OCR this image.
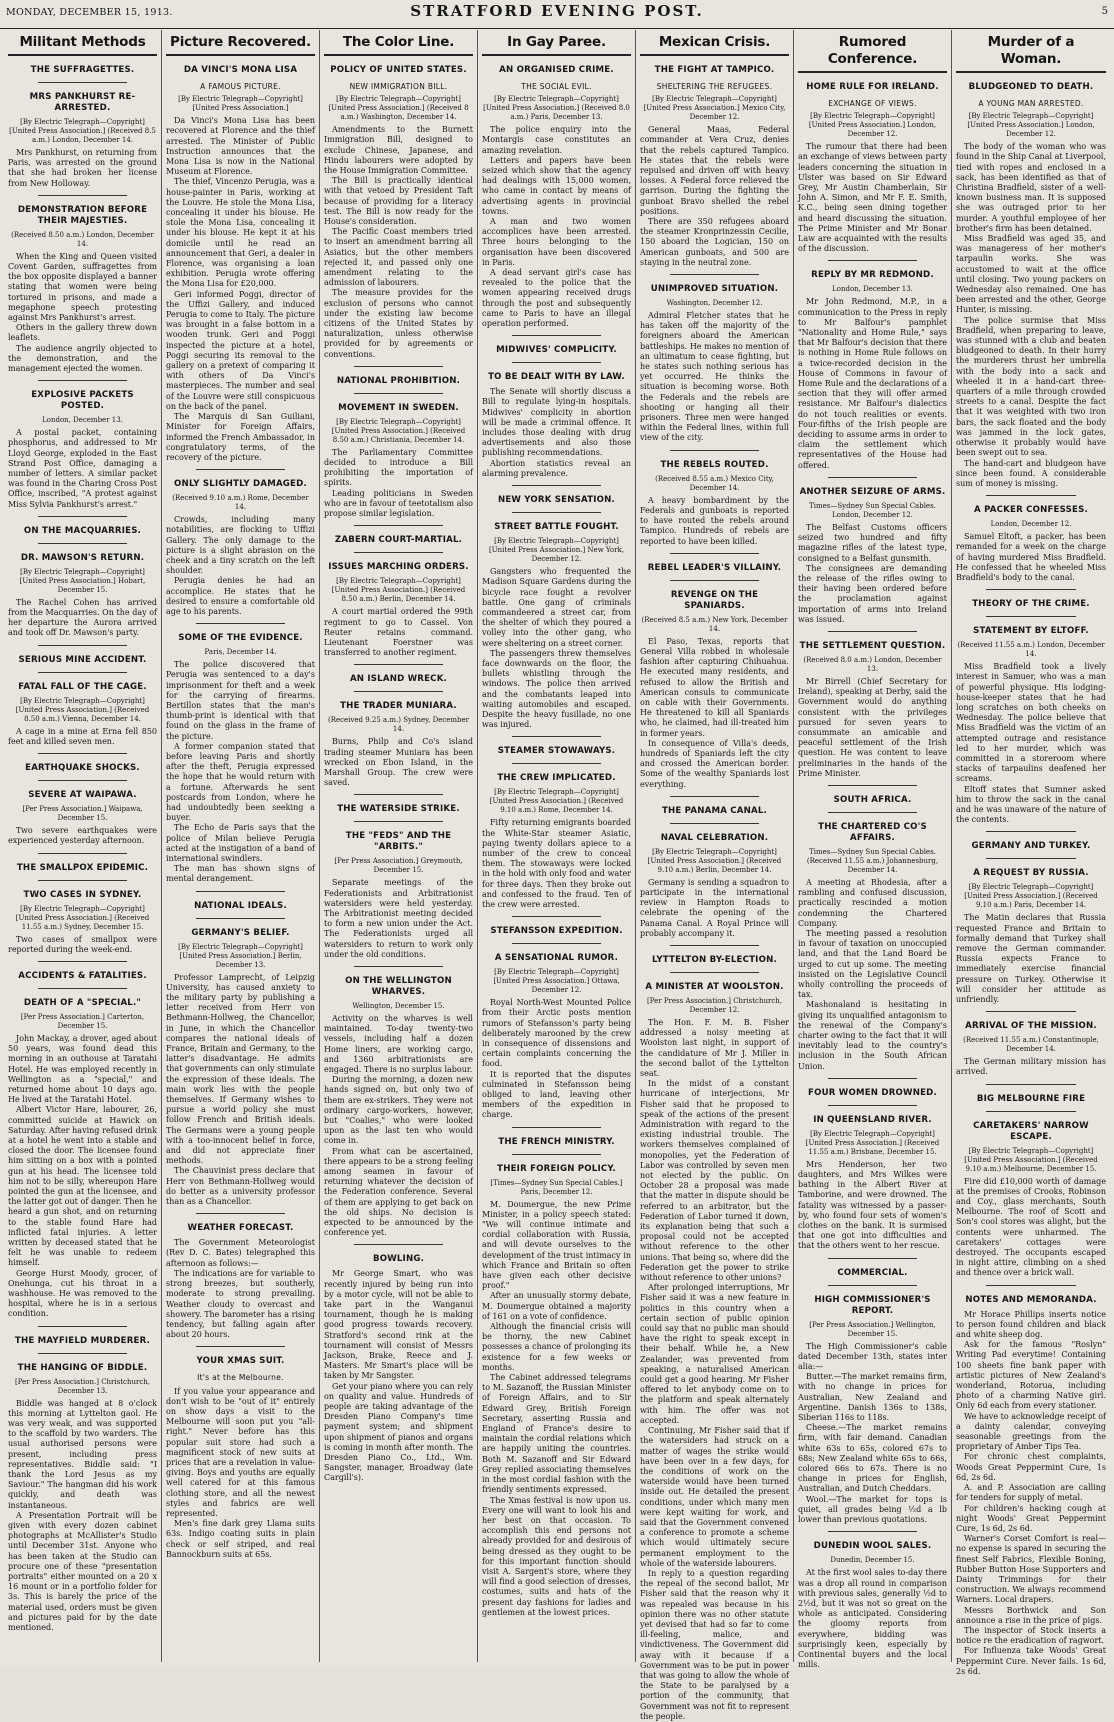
MONDAY, DECEMBER 15, 1913.	STRATFORD EVENING POST.	5
Militant Methods
THE SUFFRAGETTES.
MRS PANKHURST RE-ARRESTED.
[By Electric Telegraph—Copyright] [United Press Association.] (Received 8.5 a.m.) London, December 14.

Mrs Pankhurst, on returning from Paris, was arrested on the ground that she had broken her license from New Holloway.

DEMONSTRATION BEFORE THEIR MAJESTIES.
(Received 8.50 a.m.) London, December 14.

When the King and Queen visited Covent Garden, suffragettes from the box opposite displayed a banner stating that women were being tortured in prisons, and made a megaphone speech protesting against Mrs Pankhurst's arrest.

Others in the gallery threw down leaflets.

The audience angrily objected to the demonstration, and the management ejected the women.

EXPLOSIVE PACKETS POSTED.
London, December 13.

A postal packet, containing phosphorus, and addressed to Mr Lloyd George, exploded in the East Strand Post Office, damaging a number of letters. A similar packet was found in the Charing Cross Post Office, inscribed, "A protest against Miss Sylvia Pankhurst's arrest."

ON THE MACQUARRIES.
DR. MAWSON'S RETURN.
[By Electric Telegraph—Copyright] [United Press Association.] Hobart, December 15.

The Rachel Cohen has arrived from the Macquarries. On the day of her departure the Aurora arrived and took off Dr. Mawson's party.

SERIOUS MINE ACCIDENT.
FATAL FALL OF THE CAGE.
[By Electric Telegraph—Copyright] [United Press Association.] (Received 8.50 a.m.) Vienna, December 14.

A cage in a mine at Erna fell 850 feet and killed seven men.

EARTHQUAKE SHOCKS.
SEVERE AT WAIPAWA.
[Per Press Association.] Waipawa, December 15.

Two severe earthquakes were experienced yesterday afternoon.

THE SMALLPOX EPIDEMIC.
TWO CASES IN SYDNEY.
[By Electric Telegraph—Copyright] [United Press Association.] (Received 11.55 a.m.) Sydney, December 15.

Two cases of smallpox were reported during the week-end.

ACCIDENTS & FATALITIES.
DEATH OF A "SPECIAL."
[Per Press Association.] Carterton, December 15.

John Mackay, a drover, aged about 50 years, was found dead this morning in an outhouse at Taratahi Hotel. He was employed recently in Wellington as a "special," and returned home about 10 days ago. He lived at the Taratahi Hotel.

Albert Victor Hare, labourer, 26, committed suicide at Hawick on Saturday. After having refused drink at a hotel he went into a stable and closed the door. The licensee found him sitting on a box with a pointed gun at his head. The licensee told him not to be silly, whereupon Hare pointed the gun at the licensee, and the latter got out of danger. Then he heard a gun shot, and on returning to the stable found Hare had inflicted fatal injuries. A letter written by deceased stated that he felt he was unable to redeem himself.

George Hurst Moody, grocer, of Onehunga, cut his throat in a washhouse. He was removed to the hospital, where he is in a serious condition.

THE MAYFIELD MURDERER.
THE HANGING OF BIDDLE.
[Per Press Association.] Christchurch, December 13.

Biddle was hanged at 8 o'clock this morning at Lyttelton gaol. He was very weak, and was supported to the scaffold by two warders. The usual authorised persons were present, including press representatives. Biddle said: "I thank the Lord Jesus as my Saviour." The hangman did his work quickly, and death was instantaneous.

A Presentation Portrait will be given with every dozen cabinet photographs at McAllister's Studio until December 31st. Anyone who has been taken at the Studio can procure one of these "presentation portraits" either mounted on a 20 x 16 mount or in a portfolio folder for 3s. This is barely the price of the material used, orders must be given and pictures paid for by the date mentioned.

Picture Recovered.
DA VINCI'S MONA LISA
A FAMOUS PICTURE.
[By Electric Telegraph—Copyright] [United Press Association.]

Da Vinci's Mona Lisa has been recovered at Florence and the thief arrested. The Minister of Public Instruction announces that the Mona Lisa is now in the National Museum at Florence.

The thief, Vincenzo Perugia, was a house-painter in Paris, working at the Louvre. He stole the Mona Lisa, concealing it under his blouse. He stole the Mona Lisa, concealing it under his blouse. He kept it at his domicile until he read an announcement that Geri, a dealer in Florence, was organising a loan exhibition. Perugia wrote offering the Mona Lisa for £20,000.

Geri informed Poggi, director of the Uffizi Gallery, and induced Perugia to come to Italy. The picture was brought in a false bottom in a wooden trunk. Geri and Poggi inspected the picture at a hotel, Poggi securing its removal to the gallery on a pretext of comparing it with others of Da Vinci's masterpieces. The number and seal of the Louvre were still conspicuous on the back of the panel.

The Marquis di San Guiliani, Minister for Foreign Affairs, informed the French Ambassador, in congratulatory terms, of the recovery of the picture.

ONLY SLIGHTLY DAMAGED.
(Received 9.10 a.m.) Rome, December 14.

Crowds, including many notabilities, are flocking to Uffizi Gallery. The only damage to the picture is a slight abrasion on the cheek and a tiny scratch on the left shoulder.

Perugia denies he had an accomplice. He states that he desired to ensure a comfortable old age to his parents.

SOME OF THE EVIDENCE.
Paris, December 14.

The police discovered that Perugia was sentenced to a day's imprisonment for theft and a week for the carrying of firearms. Bertillon states that the man's thumb-print is identical with that found on the glass in the frame of the picture.

A former companion stated that before leaving Paris and shortly after the theft, Perugia expressed the hope that he would return with a fortune. Afterwards he sent postcards from London, where he had undoubtedly been seeking a buyer.

The Echo de Paris says that the police of Milan believe Perugia acted at the instigation of a band of international swindlers.

The man has shown signs of mental derangement.

NATIONAL IDEALS.
GERMANY'S BELIEF.
[By Electric Telegraph—Copyright] [United Press Association.] Berlin, December 13.

Professor Lamprecht, of Leipzig University, has caused anxiety to the military party by publishing a letter received from Herr von Bethmann-Hollweg, the Chancellor, in June, in which the Chancellor compares the national ideals of France, Britain and Germany, to the latter's disadvantage. He admits that governments can only stimulate the expression of these ideals. The main work lies with the people themselves. If Germany wishes to pursue a world policy she must follow French and British ideals. The Germans were a young people with a too-innocent belief in force, and did not appreciate finer methods.

The Chauvinist press declare that Herr von Bethmann-Hollweg would do better as a university professor than as a Chancellor.

WEATHER FORECAST.

The Government Meteorologist (Rev D. C. Bates) telegraphed this afternoon as follows:—

The indications are for variable to strong breezes, but southerly, moderate to strong prevailing. Weather cloudy to overcast and showery. The barometer has a rising tendency, but falling again after about 20 hours.

YOUR XMAS SUIT.
It's at the Melbourne.

If you value your appearance and don't wish to be "out of it" entirely on show days a visit to the Melbourne will soon put you "all-right." Never before has this popular suit store had such a magnificent stock of new suits at prices that are a revelation in value-giving. Boys and youths are equally well catered for at this famous clothing store, and all the newest styles and fabrics are well represented.

Men's fine dark grey Llama suits 63s. Indigo coating suits in plain check or self striped, and real Bannockburn suits at 65s.

The Color Line.
POLICY OF UNITED STATES.
NEW IMMIGRATION BILL.
[By Electric Telegraph—Copyright] [United Press Association.] (Received 8 a.m.) Washington, December 14.

Amendments to the Burnett Immigration Bill, designed to exclude Chinese, Japanese, and Hindu labourers were adopted by the House Immigration Committee.

The Bill is practically identical with that vetoed by President Taft because of providing for a literacy test. The Bill is now ready for the House's consideration.

The Pacific Coast members tried to insert an amendment barring all Asiatics, but the other members rejected it, and passed only one amendment relating to the admission of labourers.

The measure provides for the exclusion of persons who cannot under the existing law become citizens of the United States by naturalization, unless otherwise provided for by agreements or conventions.

NATIONAL PROHIBITION.
MOVEMENT IN SWEDEN.
[By Electric Telegraph—Copyright] [United Press Association.] (Received 8.50 a.m.) Christiania, December 14.

The Parliamentary Committee decided to introduce a Bill prohibiting the importation of spirits.

Leading politicians in Sweden who are in favour of teetotalism also propose similar legislation.

ZABERN COURT-MARTIAL.
ISSUES MARCHING ORDERS.
[By Electric Telegraph—Copyright] [United Press Association.] (Received 8.50 a.m.) Berlin, December 14.

A court martial ordered the 99th regiment to go to Cassel. Von Reuter retains command. Lieutenant Foerstner was transferred to another regiment.

AN ISLAND WRECK.
THE TRADER MUNIARA.
(Received 9.25 a.m.) Sydney, December 14.

Burns, Philp and Co's island trading steamer Muniara has been wrecked on Ebon Island, in the Marshall Group. The crew were saved.

THE WATERSIDE STRIKE.
THE "FEDS" AND THE "ARBITS."
[Per Press Association.] Greymouth, December 15.

Separate meetings of the Federationists and Arbitrationist watersiders were held yesterday. The Arbitrationist meeting decided to form a new union under the Act. The Federationists urged all watersiders to return to work only under the old conditions.

ON THE WELLINGTON WHARVES.
Wellington, December 15.

Activity on the wharves is well maintained. To-day twenty-two vessels, including half a dozen Home liners, are working cargo, and 1360 arbitrationists are engaged. There is no surplus labour.

During the morning, a dozen new hands signed on, but only two of them are ex-strikers. They were not ordinary cargo-workers, however, but "Coalies," who were looked upon as the last ten who would come in.

From what can be ascertained, there appears to be a strong feeling among seamen in favour of returning whatever the decision of the Federation conference. Several of them are applying to get back on the old ships. No decision is expected to be announced by the conference yet.

BOWLING.

Mr George Smart, who was recently injured by being run into by a motor cycle, will not be able to take part in the Wanganui tournament, though he is making good progress towards recovery. Stratford's second rink at the tournament will consist of Messrs Jackson, Brake, Reece and J. Masters. Mr Smart's place will be taken by Mr Sangster.

Get your piano where you can rely on quality and value. Hundreds of people are taking advantage of the Dresden Piano Company's time payment system; and shipment upon shipment of pianos and organs is coming in month after month. The Dresden Piano Co., Ltd., Wm. Sangster, manager, Broadway (late Cargill's).

In Gay Paree.
AN ORGANISED CRIME.
THE SOCIAL EVIL.
[By Electric Telegraph—Copyright] [United Press Association.] (Received 8.0 a.m.) Paris, December 13.

The police enquiry into the Montargis case constitutes an amazing revelation.

Letters and papers have been seized which show that the agency had dealings with 15,000 women, who came in contact by means of advertising agents in provincial towns.

A man and two women accomplices have been arrested. Three hours belonging to the organisation have been discovered in Paris.

A dead servant girl's case has revealed to the police that the women appearing received drugs through the post and subsequently came to Paris to have an illegal operation performed.

MIDWIVES' COMPLICITY.
TO BE DEALT WITH BY LAW.

The Senate will shortly discuss a Bill to regulate lying-in hospitals. Midwives' complicity in abortion will be made a criminal offence. It includes those dealing with drug advertisements and also those publishing recommendations.

Abortion statistics reveal an alarming prevalence.

NEW YORK SENSATION.
STREET BATTLE FOUGHT.
[By Electric Telegraph—Copyright] [United Press Association.] New York, December 12.

Gangsters who frequented the Madison Square Gardens during the bicycle race fought a revolver battle. One gang of criminals commandeered a street car, from the shelter of which they poured a volley into the other gang, who were sheltering on a street corner.

The passengers threw themselves face downwards on the floor, the bullets whistling through the windows. The police then arrived and the combatants leaped into waiting automobiles and escaped. Despite the heavy fusillade, no one was injured.

STEAMER STOWAWAYS.
THE CREW IMPLICATED.
[By Electric Telegraph—Copyright] [United Press Association.] (Received 9.10 a.m.) Rome, December 14.

Fifty returning emigrants boarded the White-Star steamer Asiatic, paying twenty dollars apiece to a number of the crew to conceal them. The stowaways were locked in the hold with only food and water for three days. Then they broke out and confessed to the fraud. Ten of the crew were arrested.

STEFANSSON EXPEDITION.
A SENSATIONAL RUMOR.
[By Electric Telegraph—Copyright] [United Press Association.] Ottawa, December 12.

Royal North-West Mounted Police from their Arctic posts mention rumors of Stefansson's party being deliberately marooned by the crew in consequence of dissensions and certain complaints concerning the food.

It is reported that the disputes culminated in Stefansson being obliged to land, leaving other members of the expedition in charge.

THE FRENCH MINISTRY.
THEIR FOREIGN POLICY.
[Times—Sydney Sun Special Cables.] Paris, December 12.

M. Doumergue, the new Prime Minister, in a policy speech stated: "We will continue intimate and cordial collaboration with Russia, and will devote ourselves to the development of the trust intimacy in which France and Britain so often have given each other decisive proof."

After an unusually stormy debate, M. Doumergue obtained a majority of 161 on a vote of confidence.

Although the financial crisis will be thorny, the new Cabinet possesses a chance of prolonging its existence for a few weeks or months.

The Cabinet addressed telegrams to M. Sazanoff, the Russian Minister of Foreign Affairs, and to Sir Edward Grey, British Foreign Secretary, asserting Russia and England of France's desire to maintain the cordial relations which are happily uniting the countries. Both M. Sazanoff and Sir Edward Grey replied associating themselves in the most cordial fashion with the friendly sentiments expressed.

The Xmas festival is now upon us. Every one will want to look his and her best on that occasion. To accomplish this end persons not already provided for and desirous of being dressed as they ought to be for this important function should visit A. Sargent's store, where they will find a good selection of dresses, costumes, suits and hats of the present day fashions for ladies and gentlemen at the lowest prices.

Mexican Crisis.
THE FIGHT AT TAMPICO.
SHELTERING THE REFUGEES.
[By Electric Telegraph—Copyright] [United Press Association.] Mexico City, December 12.

General Maas, Federal commander at Vera Cruz, denies that the rebels captured Tampico. He states that the rebels were repulsed and driven off with heavy losses. A Federal force relieved the garrison. During the fighting the gunboat Bravo shelled the rebel positions.

There are 350 refugees aboard the steamer Kronprinzessin Cecilie, 150 aboard the Logician, 150 on American gunboats, and 500 are staying in the neutral zone.

UNIMPROVED SITUATION.
Washington, December 12.

Admiral Fletcher states that he has taken off the majority of the foreigners aboard the American battleships. He makes no mention of an ultimatum to cease fighting, but he states such nothing serious has yet occurred. He thinks the situation is becoming worse. Both the Federals and the rebels are shooting or hanging all their prisoners. Three men were hanged within the Federal lines, within full view of the city.

THE REBELS ROUTED.
(Received 8.55 a.m.) Mexico City, December 14.

A heavy bombardment by the Federals and gunboats is reported to have routed the rebels around Tampico. Hundreds of rebels are reported to have been killed.

REBEL LEADER'S VILLAINY.
REVENGE ON THE SPANIARDS.
(Received 8.5 a.m.) New York, December 14.

El Paso, Texas, reports that General Villa robbed in wholesale fashion after capturing Chihuahua. He executed many residents, and refused to allow the British and American consuls to communicate on cable with their Governments. He threatened to kill all Spaniards who, he claimed, had ill-treated him in former years.

In consequence of Villa's deeds, hundreds of Spaniards left the city and crossed the American border. Some of the wealthy Spaniards lost everything.

THE PANAMA CANAL.
NAVAL CELEBRATION.
[By Electric Telegraph—Copyright] [United Press Association.] (Received 9.10 a.m.) Berlin, December 14.

Germany is sending a squadron to participate in the international review in Hampton Roads to celebrate the opening of the Panama Canal. A Royal Prince will probably accompany it.

LYTTELTON BY-ELECTION.
A MINISTER AT WOOLSTON.
[Per Press Association.] Christchurch, December 12.

The Hon. F. M. B. Fisher addressed a noisy meeting at Woolston last night, in support of the candidature of Mr J. Miller in the second ballot of the Lyttelton seat.

In the midst of a constant hurricane of interjections, Mr Fisher said that he proposed to speak of the actions of the present Administration with regard to the existing industrial trouble. The workers themselves complained of monopolies, yet the Federation of Labor was controlled by seven men not elected by the public. On October 28 a proposal was made that the matter in dispute should be referred to an arbitrator, but the Federation of Labor turned it down, its explanation being that such a proposal could not be accepted without reference to the other unions. That being so, where did the Federation get the power to strike without reference to other unions?

After prolonged interruptions, Mr Fisher said it was a new feature in politics in this country when a certain section of public opinion could say that no public man should have the right to speak except in their behalf. While he, a New Zealander, was prevented from speaking, a naturalised American could get a good hearing. Mr Fisher offered to let anybody come on to the platform and speak alternately with him. The offer was not accepted.

Continuing, Mr Fisher said that if the watersiders had struck on a matter of wages the strike would have been over in a few days, for the conditions of work on the waterside would have been turned inside out. He detailed the present conditions, under which many men were kept waiting for work, and said that the Government convened a conference to promote a scheme which would ultimately secure permanent employment to the whole of the waterside labourers.

In reply to a question regarding the repeal of the second ballot, Mr Fisher said that the reason why it was repealed was because in his opinion there was no other statute yet devised that had so far to come ill-feeling, malice, and vindictiveness. The Government did away with it because if a Government was to be put in power that was going to allow the whole of the State to be paralysed by a portion of the community, that Government was not fit to represent the people.

Rumored Conference.
HOME RULE FOR IRELAND.
EXCHANGE OF VIEWS.
[By Electric Telegraph—Copyright] [United Press Association.] London, December 12.

The rumour that there had been an exchange of views between party leaders concerning the situation in Ulster was based on Sir Edward Grey, Mr Austin Chamberlain, Sir John A. Simon, and Mr F. E. Smith, K.C., being seen dining together and heard discussing the situation. The Prime Minister and Mr Bonar Law are acquainted with the results of the discussion.

REPLY BY MR REDMOND.
London, December 13.

Mr John Redmond, M.P., in a communication to the Press in reply to Mr Balfour's pamphlet "Nationality and Home Rule," says that Mr Balfour's decision that there is nothing in Home Rule follows on a twice-recorded decision in the House of Commons in favour of Home Rule and the declarations of a section that they will offer armed resistance. Mr Balfour's dialectics do not touch realities or events. Four-fifths of the Irish people are deciding to assume arms in order to claim the settlement which representatives of the House had offered.

ANOTHER SEIZURE OF ARMS.
Times—Sydney Sun Special Cables. London, December 12.

The Belfast Customs officers seized two hundred and fifty magazine rifles of the latest type, consigned to a Belfast gunsmith.

The consignees are demanding the release of the rifles owing to their having been ordered before the proclamation against importation of arms into Ireland was issued.

THE SETTLEMENT QUESTION.
(Received 8.0 a.m.) London, December 13.

Mr Birrell (Chief Secretary for Ireland), speaking at Derby, said the Government would do anything consistent with the privileges pursued for seven years to consummate an amicable and peaceful settlement of the Irish question. He was content to leave preliminaries in the hands of the Prime Minister.

SOUTH AFRICA.
THE CHARTERED CO'S AFFAIRS.
Times—Sydney Sun Special Cables. (Received 11.55 a.m.) Johannesburg, December 14.

A meeting at Rhodesia, after a rambling and confused discussion, practically rescinded a motion condemning the Chartered Company.

The meeting passed a resolution in favour of taxation on unoccupied land, and that the Land Board be urged to cut up some. The meeting insisted on the Legislative Council wholly controlling the proceeds of tax.

Mashonaland is hesitating in giving its unqualified antagonism to the renewal of the Company's charter owing to the fact that it will inevitably lead to the country's inclusion in the South African Union.

FOUR WOMEN DROWNED.
IN QUEENSLAND RIVER.
[By Electric Telegraph—Copyright] [United Press Association.] (Received 11.55 a.m.) Brisbane, December 15.

Mrs Henderson, her two daughters, and Mrs Wilkes were bathing in the Albert River at Tamborine, and were drowned. The fatality was witnessed by a passer-by, who found four sets of women's clothes on the bank. It is surmised that one got into difficulties and that the others went to her rescue.

COMMERCIAL.
HIGH COMMISSIONER'S REPORT.
[Per Press Association.] Wellington, December 15.

The High Commissioner's cable dated December 13th, states inter alia:—

Butter.—The market remains firm, with no change in prices for Australian, New Zealand and Argentine. Danish 136s to 138s, Siberian 116s to 118s.

Cheese.—The market remains firm, with fair demand. Canadian white 63s to 65s, colored 67s to 68s; New Zealand white 65s to 66s, colored 66s to 67s. There is no change in prices for English, Australian, and Dutch Cheddars.

Wool.—The market for tops is quiet, all grades being ½d a lb lower than previous quotations.

DUNEDIN WOOL SALES.
Dunedin, December 15.

At the first wool sales to-day there was a drop all round in comparison with previous sales, generally ½d to 2½d, but it was not so great on the whole as anticipated. Considering the gloomy reports from everywhere, bidding was surprisingly keen, especially by Continental buyers and the local mills.

Murder of a Woman.
BLUDGEONED TO DEATH.
A YOUNG MAN ARRESTED.
[By Electric Telegraph—Copyright] [United Press Association.] London, December 12.

The body of the woman who was found in the Ship Canal at Liverpool, tied with ropes and enclosed in a sack, has been identified as that of Christina Bradfield, sister of a well-known business man. It is supposed she was outraged prior to her murder. A youthful employee of her brother's firm has been detained.

Miss Bradfield was aged 35, and was manageress of her mother's tarpaulin works. She was accustomed to wait at the office until closing. Two young packers on Wednesday also remained. One has been arrested and the other, George Hunter, is missing.

The police surmise that Miss Bradfield, when preparing to leave, was stunned with a club and beaten bludgeoned to death. In their hurry the murderers thrust her umbrella with the body into a sack and wheeled it in a hand-cart three-quarters of a mile through crowded streets to a canal. Despite the fact that it was weighted with two iron bars, the sack floated and the body was jammed in the lock gates, otherwise it probably would have been swept out to sea.

The hand-cart and bludgeon have since been found. A considerable sum of money is missing.

A PACKER CONFESSES.
London, December 12.

Samuel Eltoft, a packer, has been remanded for a week on the charge of having murdered Miss Bradfield. He confessed that he wheeled Miss Bradfield's body to the canal.

THEORY OF THE CRIME.
STATEMENT BY ELTOFF.
(Received 11.55 a.m.) London, December 14.

Miss Bradfield took a lively interest in Samuer, who was a man of powerful physique. His lodging-house-keeper states that he had long scratches on both cheeks on Wednesday. The police believe that Miss Bradfield was the victim of an attempted outrage and resistance led to her murder, which was committed in a storeroom where stacks of tarpaulins deafened her screams.

Eltoff states that Sumner asked him to throw the sack in the canal and he was unaware of the nature of the contents.

GERMANY AND TURKEY.
A REQUEST BY RUSSIA.
[By Electric Telegraph—Copyright] [United Press Association.] (Received 9.10 a.m.) Paris, December 14.

The Matin declares that Russia requested France and Britain to formally demand that Turkey shall remove the German commander. Russia expects France to immediately exercise financial pressure on Turkey. Otherwise it will consider her attitude as unfriendly.

ARRIVAL OF THE MISSION.
(Received 11.55 a.m.) Constantinople, December 14.

The German military mission has arrived.

BIG MELBOURNE FIRE
CARETAKERS' NARROW ESCAPE.
[By Electric Telegraph—Copyright] [United Press Association.] (Received 9.10 a.m.) Melbourne, December 15.

Fire did £10,000 worth of damage at the premises of Crooks, Robinson and Coy., glass merchants, South Melbourne. The roof of Scott and Son's cool stores was alight, but the contents were unharmed. The caretakers' cottages were destroyed. The occupants escaped in night attire, climbing on a shed and thence over a brick wall.

NOTES AND MEMORANDA.

Mr Horace Phillips inserts notice to person found children and black and white sheep dog.

Ask for the famous "Roslyn" Writing Pad everytime! Containing 100 sheets fine bank paper with artistic pictures of New Zealand's wonderland, Rotorua, including photo of a charming Native girl. Only 6d each from every stationer.

We have to acknowledge receipt of a dainty calendar, conveying seasonable greetings from the proprietary of Amber Tips Tea.

For chronic chest complaints, Woods Great Peppermint Cure, 1s 6d, 2s 6d.

A. and P. Association are calling for tenders for supply of metal.

For children's hacking cough at night Woods' Great Peppermint Cure, 1s 6d, 2s 6d.

Warner's Corset Comfort is real—no expense is spared in securing the finest Self Fabrics, Flexible Boning, Rubber Button Hose Supporters and Dainty Trimmings for their construction. We always recommend Warners. Local drapers.

Messrs Borthwick and Son announce a rise in the price of pigs.

The inspector of Stock inserts a notice re the eradication of ragwort.

For Influenza take Woods' Great Peppermint Cure. Never fails. 1s 6d, 2s 6d.
